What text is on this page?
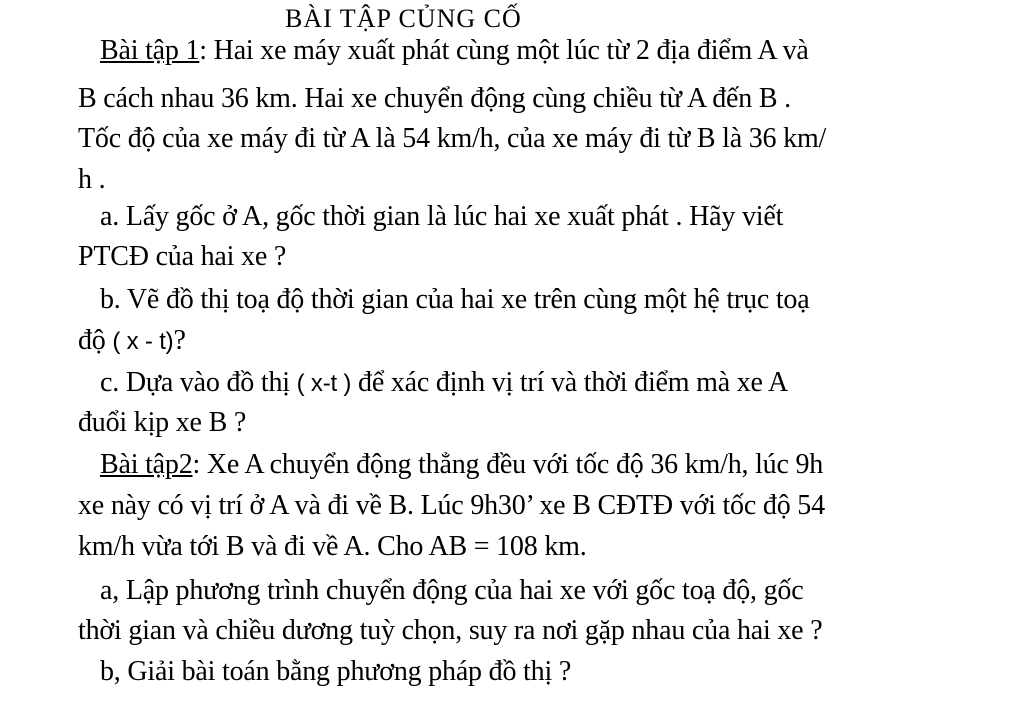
BÀI TẬP CỦNG CỐ
Bài tập 1: Hai xe máy xuất phát cùng một lúc từ 2 địa điểm A và
B cách nhau 36 km. Hai xe chuyển động cùng chiều từ A đến B .
Tốc độ của xe máy đi từ A là 54 km/h, của xe máy đi từ B là 36 km/
h .
a. Lấy gốc ở A, gốc thời gian là lúc hai xe xuất phát . Hãy viết
PTCĐ của hai xe ?
b. Vẽ đồ thị toạ độ thời gian của hai xe trên cùng một hệ trục toạ
độ ( x - t)?
c. Dựa vào đồ thị ( x-t ) để xác định vị trí và thời điểm mà xe A
đuổi kịp xe B ?
Bài tập2: Xe A chuyển động thẳng đều với tốc độ 36 km/h, lúc 9h
xe này có vị trí ở A và đi về B. Lúc 9h30’ xe B CĐTĐ với tốc độ 54
km/h vừa tới B và đi về A. Cho AB = 108 km.
a, Lập phương trình chuyển động của hai xe với gốc toạ độ, gốc
thời gian và chiều dương tuỳ chọn, suy ra nơi gặp nhau của hai xe ?
b, Giải bài toán bằng phương pháp đồ thị ?
